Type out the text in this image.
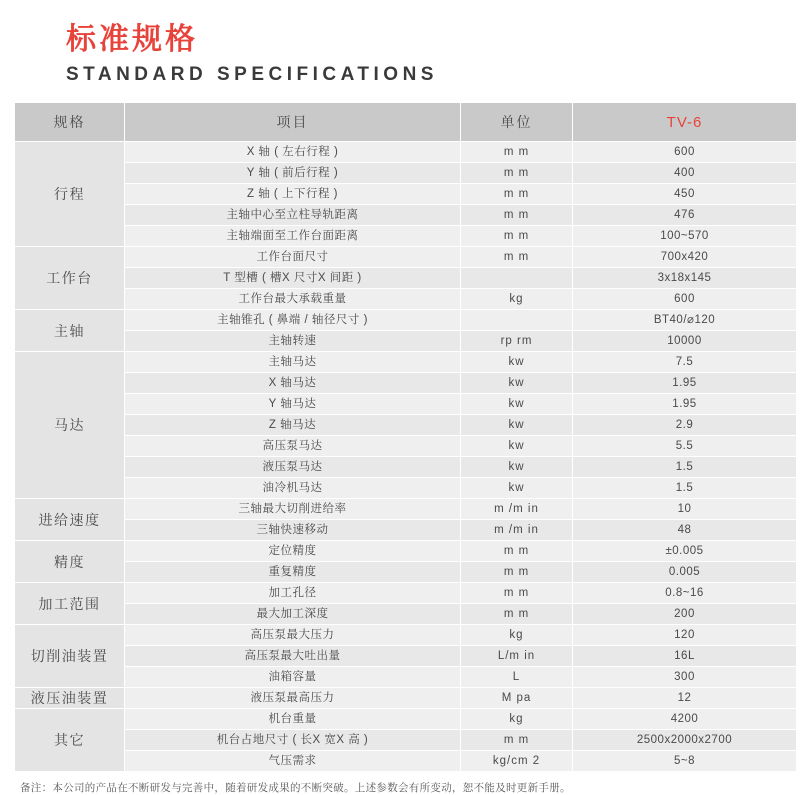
标准规格
STANDARD SPECIFICATIONS
规格	项目	单位	TV-6
行程	X 轴 ( 左右行程 )	m m	600
	Y 轴 ( 前后行程 )	m m	400
	Z 轴 ( 上下行程 )	m m	450
	主轴中心至立柱导轨距离	m m	476
	主轴端面至工作台面距离	m m	100~570
工作台	工作台面尺寸	m m	700x420
	T 型槽 ( 槽X 尺寸X 间距 )		3x18x145
	工作台最大承载重量	kg	600
主轴	主轴锥孔 ( 鼻端 / 轴径尺寸 )		BT40/⌀120
	主轴转速	rp rm	10000
马达	主轴马达	kw	7.5
	X 轴马达	kw	1.95
	Y 轴马达	kw	1.95
	Z 轴马达	kw	2.9
	高压泵马达	kw	5.5
	液压泵马达	kw	1.5
	油冷机马达	kw	1.5
进给速度	三轴最大切削进给率	m /m in	10
	三轴快速移动	m /m in	48
精度	定位精度	m m	±0.005
	重复精度	m m	0.005
加工范围	加工孔径	m m	0.8~16
	最大加工深度	m m	200
切削油装置	高压泵最大压力	kg	120
	高压泵最大吐出量	L/m in	16L
	油箱容量	L	300
液压油装置	液压泵最高压力	M pa	12
其它	机台重量	kg	4200
	机台占地尺寸 ( 长X 宽X 高 )	m m	2500x2000x2700
	气压需求	kg/cm 2	5~8
备注：本公司的产品在不断研发与完善中，随着研发成果的不断突破。上述参数会有所变动，恕不能及时更新手册。
